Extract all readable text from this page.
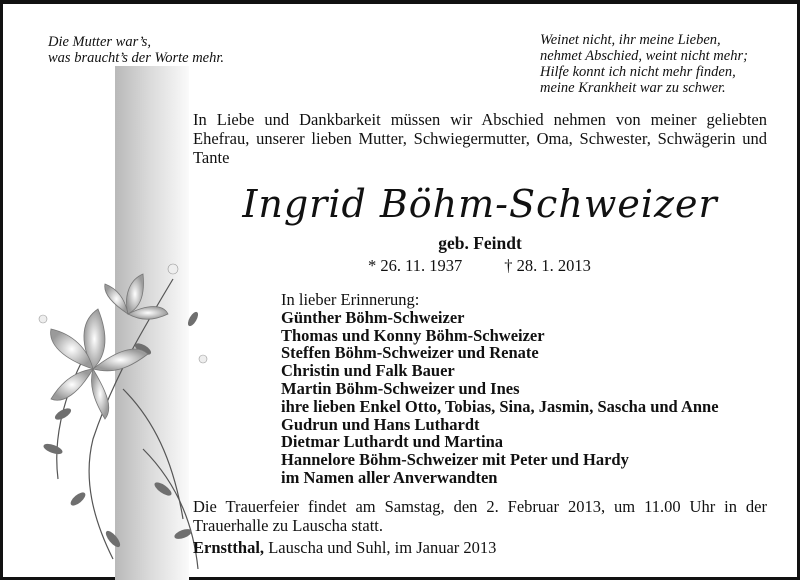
Die Mutter war’s,
was braucht’s der Worte mehr.
Weinet nicht, ihr meine Lieben,
nehmet Abschied, weint nicht mehr;
Hilfe konnt ich nicht mehr finden,
meine Krankheit war zu schwer.
In Liebe und Dankbarkeit müssen wir Abschied nehmen von meiner geliebten Ehefrau, unserer lieben Mutter, Schwiegermutter, Oma, Schwester, Schwägerin und Tante
Ingrid Böhm-Schweizer
geb. Feindt
* 26. 11. 1937	† 28. 1. 2013
In lieber Erinnerung:
Günther Böhm-Schweizer
Thomas und Konny Böhm-Schweizer
Steffen Böhm-Schweizer und Renate
Christin und Falk Bauer
Martin Böhm-Schweizer und Ines
ihre lieben Enkel Otto, Tobias, Sina, Jasmin, Sascha und Anne
Gudrun und Hans Luthardt
Dietmar Luthardt und Martina
Hannelore Böhm-Schweizer mit Peter und Hardy
im Namen aller Anverwandten
Die Trauerfeier findet am Samstag, den 2. Februar 2013, um 11.00 Uhr in der Trauerhalle zu Lauscha statt.
Ernstthal, Lauscha und Suhl, im Januar 2013
